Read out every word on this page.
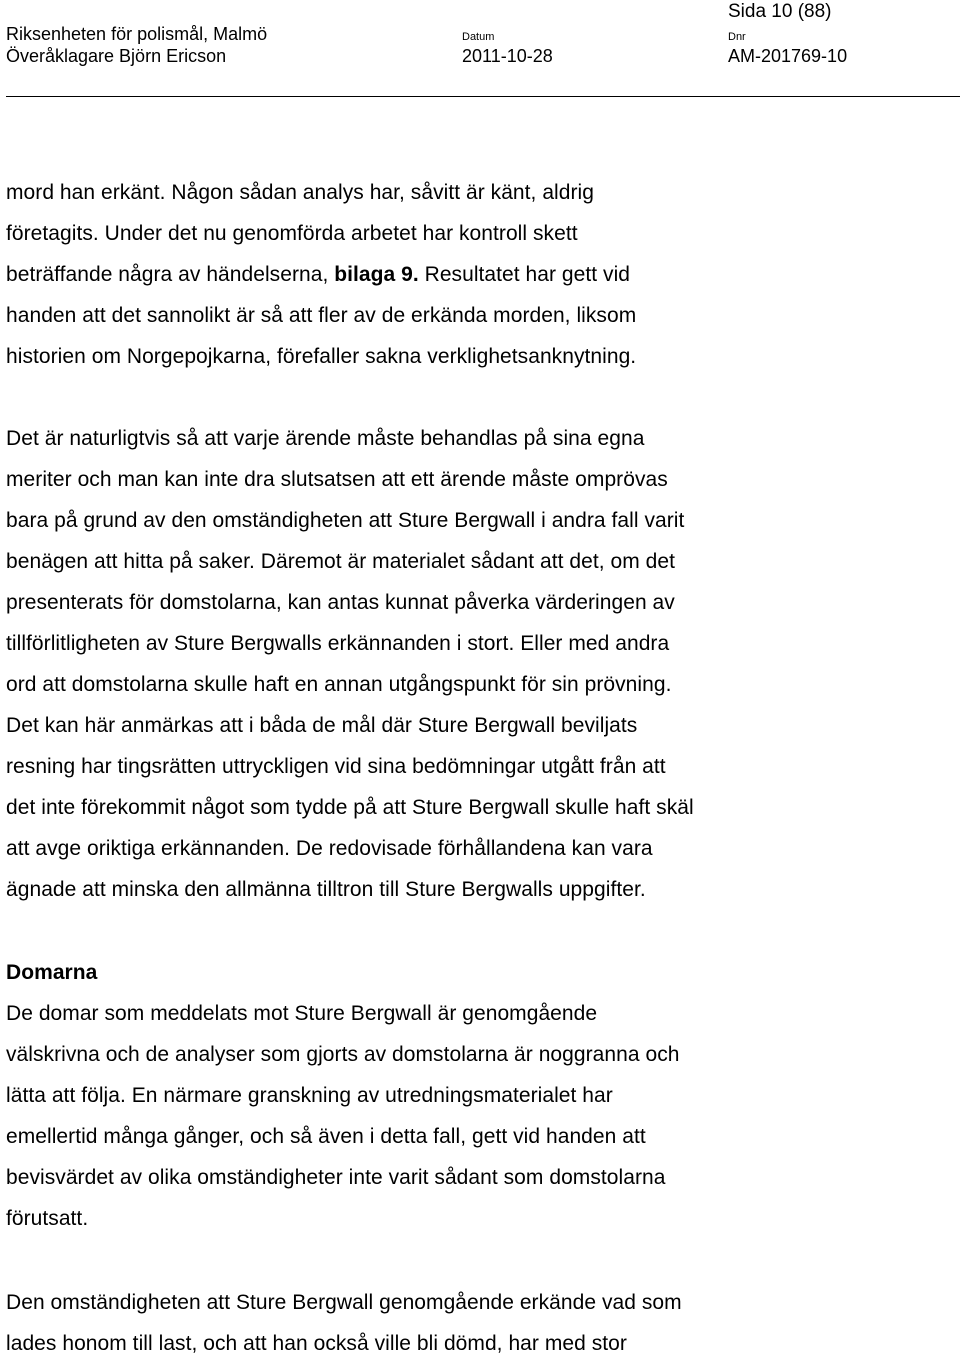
Sida 10 (88)
Riksenheten för polismål, Malmö
Överåklagare Björn Ericson
Datum
2011-10-28
Dnr
AM-201769-10
mord han erkänt. Någon sådan analys har, såvitt är känt, aldrig
företagits. Under det nu genomförda arbetet har kontroll skett
beträffande några av händelserna, bilaga 9. Resultatet har gett vid
handen att det sannolikt är så att fler av de erkända morden, liksom
historien om Norgepojkarna, förefaller sakna verklighetsanknytning.
Det är naturligtvis så att varje ärende måste behandlas på sina egna
meriter och man kan inte dra slutsatsen att ett ärende måste omprövas
bara på grund av den omständigheten att Sture Bergwall i andra fall varit
benägen att hitta på saker. Däremot är materialet sådant att det, om det
presenterats för domstolarna, kan antas kunnat påverka värderingen av
tillförlitligheten av Sture Bergwalls erkännanden i stort. Eller med andra
ord att domstolarna skulle haft en annan utgångspunkt för sin prövning.
Det kan här anmärkas att i båda de mål där Sture Bergwall beviljats
resning har tingsrätten uttryckligen vid sina bedömningar utgått från att
det inte förekommit något som tydde på att Sture Bergwall skulle haft skäl
att avge oriktiga erkännanden. De redovisade förhållandena kan vara
ägnade att minska den allmänna tilltron till Sture Bergwalls uppgifter.
Domarna
De domar som meddelats mot Sture Bergwall är genomgående
välskrivna och de analyser som gjorts av domstolarna är noggranna och
lätta att följa. En närmare granskning av utredningsmaterialet har
emellertid många gånger, och så även i detta fall, gett vid handen att
bevisvärdet av olika omständigheter inte varit sådant som domstolarna
förutsatt.
Den omständigheten att Sture Bergwall genomgående erkände vad som
lades honom till last, och att han också ville bli dömd, har med stor
